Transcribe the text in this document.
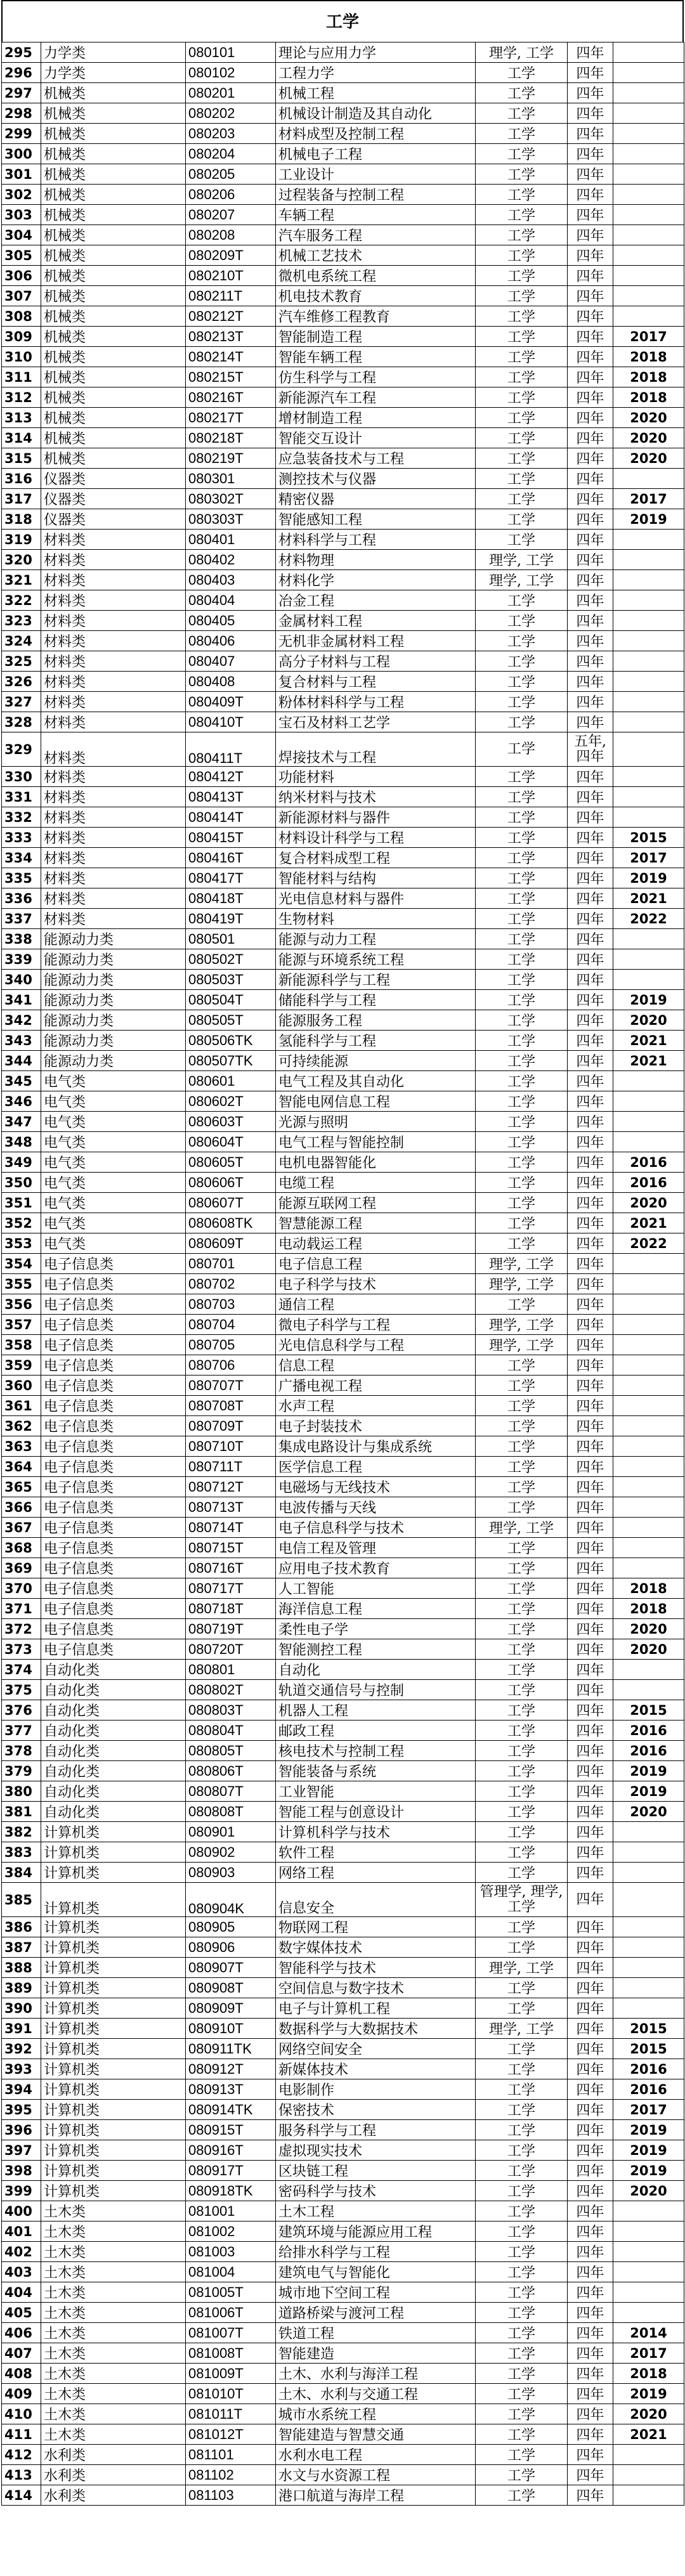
工学
295	力学类	080101	理论与应用力学	理学, 工学	四年	
296	力学类	080102	工程力学	工学	四年	
297	机械类	080201	机械工程	工学	四年	
298	机械类	080202	机械设计制造及其自动化	工学	四年	
299	机械类	080203	材料成型及控制工程	工学	四年	
300	机械类	080204	机械电子工程	工学	四年	
301	机械类	080205	工业设计	工学	四年	
302	机械类	080206	过程装备与控制工程	工学	四年	
303	机械类	080207	车辆工程	工学	四年	
304	机械类	080208	汽车服务工程	工学	四年	
305	机械类	080209T	机械工艺技术	工学	四年	
306	机械类	080210T	微机电系统工程	工学	四年	
307	机械类	080211T	机电技术教育	工学	四年	
308	机械类	080212T	汽车维修工程教育	工学	四年	
309	机械类	080213T	智能制造工程	工学	四年	2017
310	机械类	080214T	智能车辆工程	工学	四年	2018
311	机械类	080215T	仿生科学与工程	工学	四年	2018
312	机械类	080216T	新能源汽车工程	工学	四年	2018
313	机械类	080217T	增材制造工程	工学	四年	2020
314	机械类	080218T	智能交互设计	工学	四年	2020
315	机械类	080219T	应急装备技术与工程	工学	四年	2020
316	仪器类	080301	测控技术与仪器	工学	四年	
317	仪器类	080302T	精密仪器	工学	四年	2017
318	仪器类	080303T	智能感知工程	工学	四年	2019
319	材料类	080401	材料科学与工程	工学	四年	
320	材料类	080402	材料物理	理学, 工学	四年	
321	材料类	080403	材料化学	理学, 工学	四年	
322	材料类	080404	冶金工程	工学	四年	
323	材料类	080405	金属材料工程	工学	四年	
324	材料类	080406	无机非金属材料工程	工学	四年	
325	材料类	080407	高分子材料与工程	工学	四年	
326	材料类	080408	复合材料与工程	工学	四年	
327	材料类	080409T	粉体材料科学与工程	工学	四年	
328	材料类	080410T	宝石及材料工艺学	工学	四年	
329	材料类	080411T	焊接技术与工程	工学	五年, 四年	
330	材料类	080412T	功能材料	工学	四年	
331	材料类	080413T	纳米材料与技术	工学	四年	
332	材料类	080414T	新能源材料与器件	工学	四年	
333	材料类	080415T	材料设计科学与工程	工学	四年	2015
334	材料类	080416T	复合材料成型工程	工学	四年	2017
335	材料类	080417T	智能材料与结构	工学	四年	2019
336	材料类	080418T	光电信息材料与器件	工学	四年	2021
337	材料类	080419T	生物材料	工学	四年	2022
338	能源动力类	080501	能源与动力工程	工学	四年	
339	能源动力类	080502T	能源与环境系统工程	工学	四年	
340	能源动力类	080503T	新能源科学与工程	工学	四年	
341	能源动力类	080504T	储能科学与工程	工学	四年	2019
342	能源动力类	080505T	能源服务工程	工学	四年	2020
343	能源动力类	080506TK	氢能科学与工程	工学	四年	2021
344	能源动力类	080507TK	可持续能源	工学	四年	2021
345	电气类	080601	电气工程及其自动化	工学	四年	
346	电气类	080602T	智能电网信息工程	工学	四年	
347	电气类	080603T	光源与照明	工学	四年	
348	电气类	080604T	电气工程与智能控制	工学	四年	
349	电气类	080605T	电机电器智能化	工学	四年	2016
350	电气类	080606T	电缆工程	工学	四年	2016
351	电气类	080607T	能源互联网工程	工学	四年	2020
352	电气类	080608TK	智慧能源工程	工学	四年	2021
353	电气类	080609T	电动载运工程	工学	四年	2022
354	电子信息类	080701	电子信息工程	理学, 工学	四年	
355	电子信息类	080702	电子科学与技术	理学, 工学	四年	
356	电子信息类	080703	通信工程	工学	四年	
357	电子信息类	080704	微电子科学与工程	理学, 工学	四年	
358	电子信息类	080705	光电信息科学与工程	理学, 工学	四年	
359	电子信息类	080706	信息工程	工学	四年	
360	电子信息类	080707T	广播电视工程	工学	四年	
361	电子信息类	080708T	水声工程	工学	四年	
362	电子信息类	080709T	电子封装技术	工学	四年	
363	电子信息类	080710T	集成电路设计与集成系统	工学	四年	
364	电子信息类	080711T	医学信息工程	工学	四年	
365	电子信息类	080712T	电磁场与无线技术	工学	四年	
366	电子信息类	080713T	电波传播与天线	工学	四年	
367	电子信息类	080714T	电子信息科学与技术	理学, 工学	四年	
368	电子信息类	080715T	电信工程及管理	工学	四年	
369	电子信息类	080716T	应用电子技术教育	工学	四年	
370	电子信息类	080717T	人工智能	工学	四年	2018
371	电子信息类	080718T	海洋信息工程	工学	四年	2018
372	电子信息类	080719T	柔性电子学	工学	四年	2020
373	电子信息类	080720T	智能测控工程	工学	四年	2020
374	自动化类	080801	自动化	工学	四年	
375	自动化类	080802T	轨道交通信号与控制	工学	四年	
376	自动化类	080803T	机器人工程	工学	四年	2015
377	自动化类	080804T	邮政工程	工学	四年	2016
378	自动化类	080805T	核电技术与控制工程	工学	四年	2016
379	自动化类	080806T	智能装备与系统	工学	四年	2019
380	自动化类	080807T	工业智能	工学	四年	2019
381	自动化类	080808T	智能工程与创意设计	工学	四年	2020
382	计算机类	080901	计算机科学与技术	工学	四年	
383	计算机类	080902	软件工程	工学	四年	
384	计算机类	080903	网络工程	工学	四年	
385	计算机类	080904K	信息安全	管理学, 理学, 工学	四年	
386	计算机类	080905	物联网工程	工学	四年	
387	计算机类	080906	数字媒体技术	工学	四年	
388	计算机类	080907T	智能科学与技术	理学, 工学	四年	
389	计算机类	080908T	空间信息与数字技术	工学	四年	
390	计算机类	080909T	电子与计算机工程	工学	四年	
391	计算机类	080910T	数据科学与大数据技术	理学, 工学	四年	2015
392	计算机类	080911TK	网络空间安全	工学	四年	2015
393	计算机类	080912T	新媒体技术	工学	四年	2016
394	计算机类	080913T	电影制作	工学	四年	2016
395	计算机类	080914TK	保密技术	工学	四年	2017
396	计算机类	080915T	服务科学与工程	工学	四年	2019
397	计算机类	080916T	虚拟现实技术	工学	四年	2019
398	计算机类	080917T	区块链工程	工学	四年	2019
399	计算机类	080918TK	密码科学与技术	工学	四年	2020
400	土木类	081001	土木工程	工学	四年	
401	土木类	081002	建筑环境与能源应用工程	工学	四年	
402	土木类	081003	给排水科学与工程	工学	四年	
403	土木类	081004	建筑电气与智能化	工学	四年	
404	土木类	081005T	城市地下空间工程	工学	四年	
405	土木类	081006T	道路桥梁与渡河工程	工学	四年	
406	土木类	081007T	铁道工程	工学	四年	2014
407	土木类	081008T	智能建造	工学	四年	2017
408	土木类	081009T	土木、水利与海洋工程	工学	四年	2018
409	土木类	081010T	土木、水利与交通工程	工学	四年	2019
410	土木类	081011T	城市水系统工程	工学	四年	2020
411	土木类	081012T	智能建造与智慧交通	工学	四年	2021
412	水利类	081101	水利水电工程	工学	四年	
413	水利类	081102	水文与水资源工程	工学	四年	
414	水利类	081103	港口航道与海岸工程	工学	四年	
